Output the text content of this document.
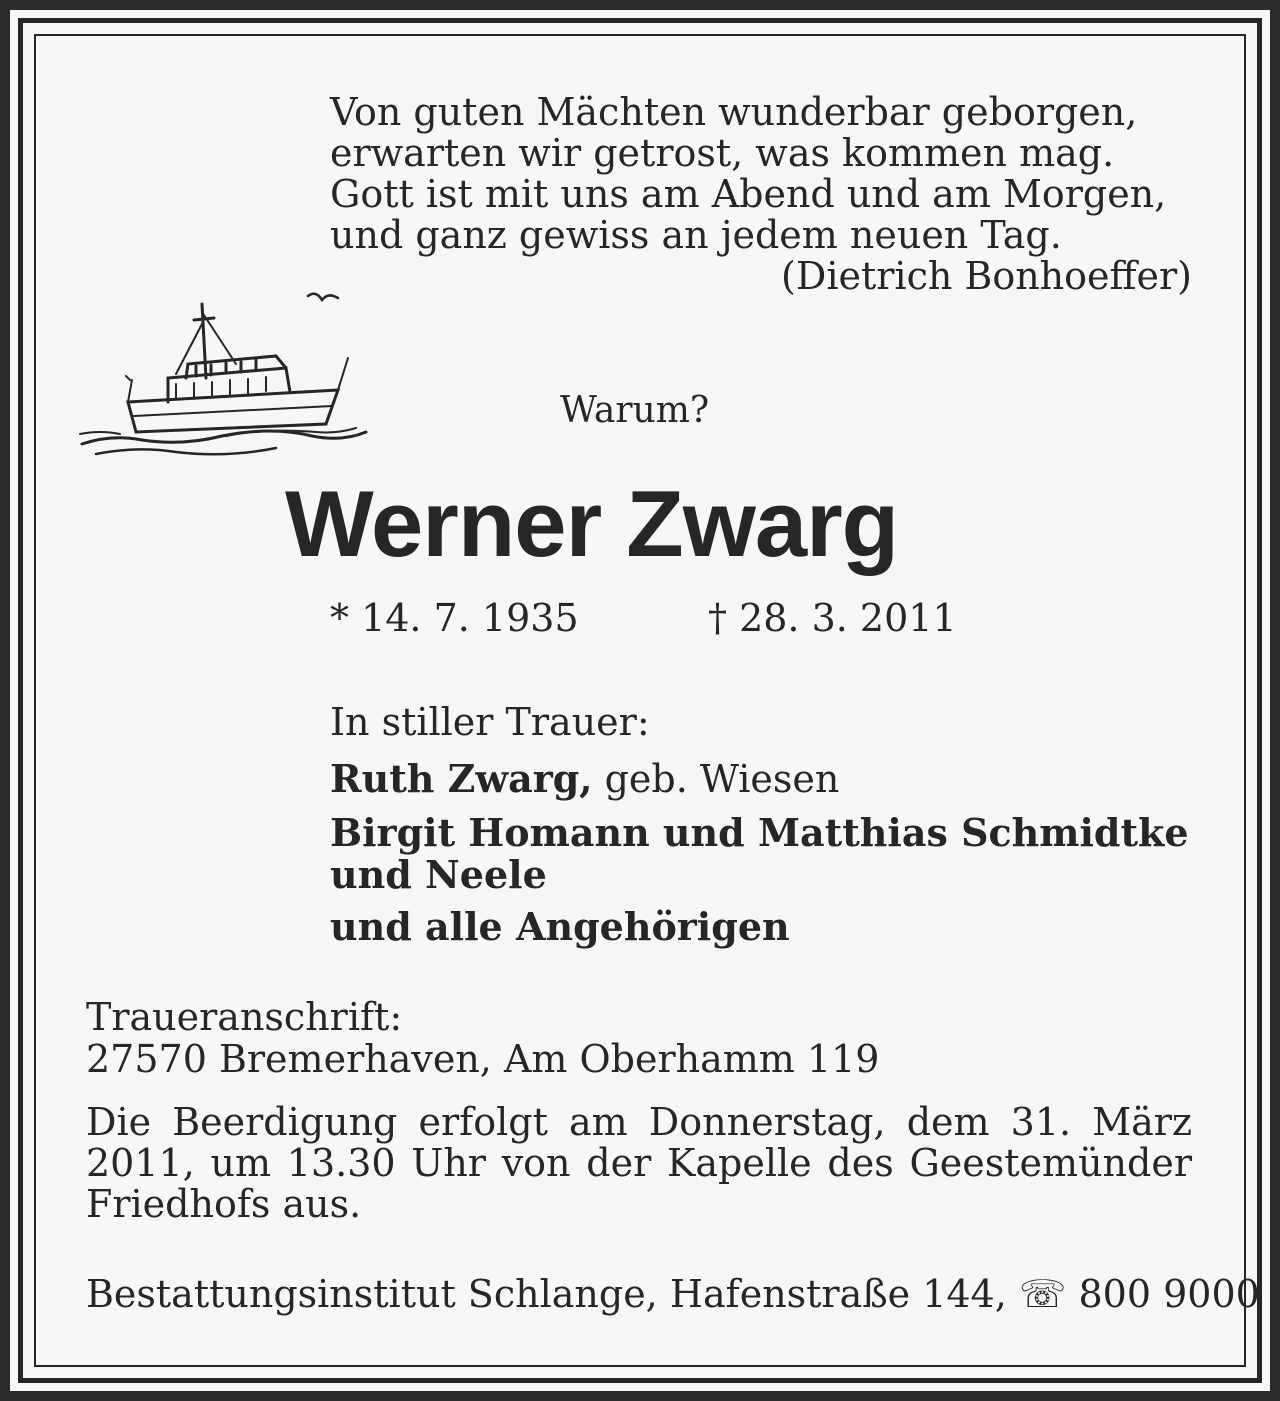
Von guten Mächten wunderbar geborgen,
erwarten wir getrost, was kommen mag.
Gott ist mit uns am Abend und am Morgen,
und ganz gewiss an jedem neuen Tag.
(Dietrich Bonhoeffer)
Warum?
Werner Zwarg
* 14. 7. 1935	† 28. 3. 2011
In stiller Trauer:
Ruth Zwarg, geb. Wiesen
Birgit Homann und Matthias Schmidtke und Neele
und alle Angehörigen
Traueranschrift:
27570 Bremerhaven, Am Oberhamm 119
Die Beerdigung erfolgt am Donnerstag, dem 31. März 2011, um 13.30 Uhr von der Kapelle des Geestemünder Friedhofs aus.
Bestattungsinstitut Schlange, Hafenstraße 144, ☏ 800 9000
